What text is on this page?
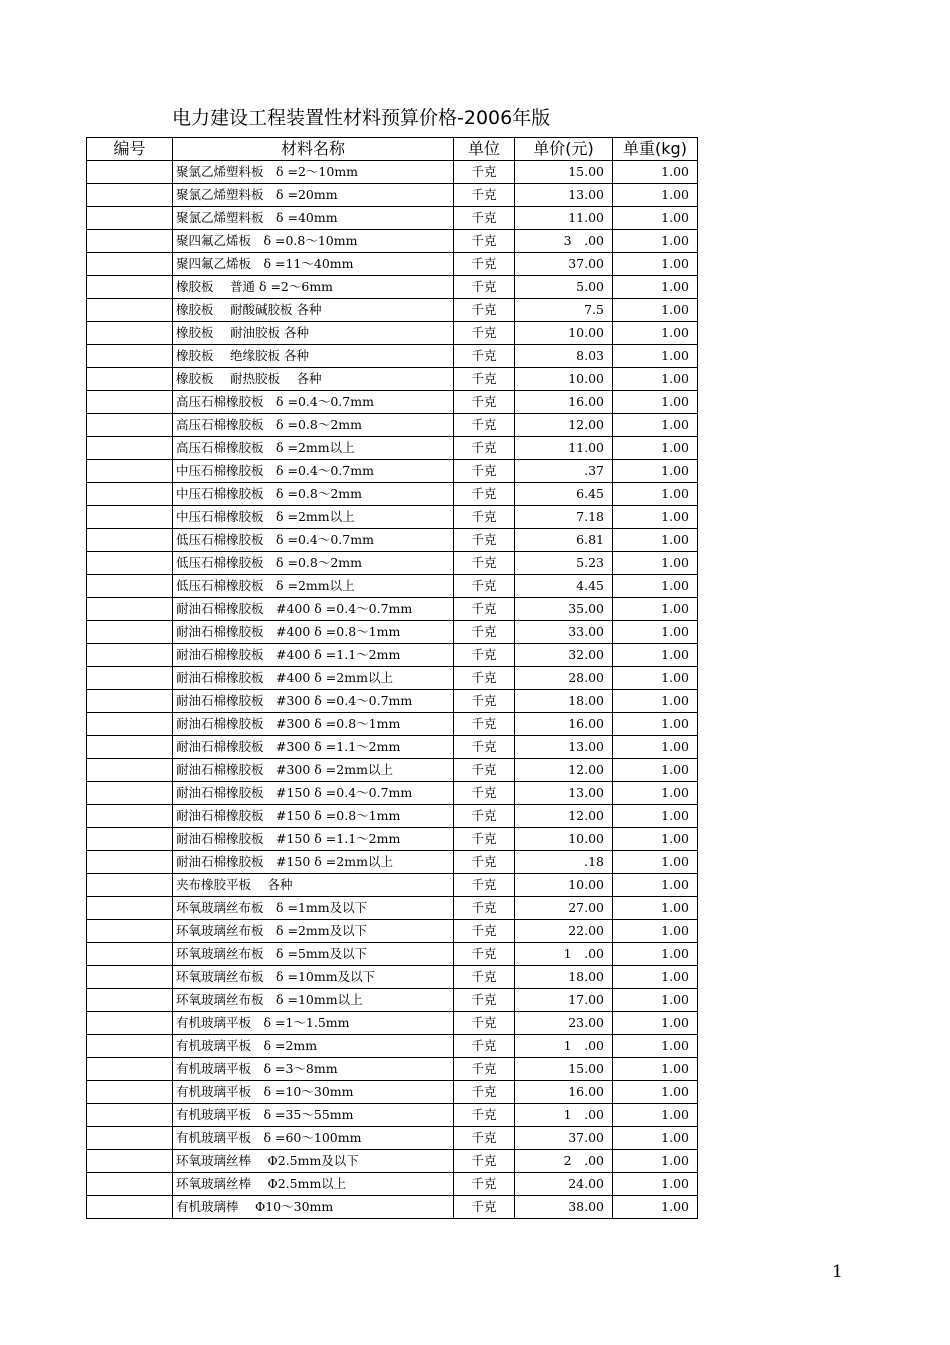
电力建设工程装置性材料预算价格-2006年版
编号	材料名称	单位	单价(元)	单重(kg)
	聚氯乙烯塑料板　δ =2～10mm	千克	15.00	1.00
	聚氯乙烯塑料板　δ =20mm	千克	13.00	1.00
	聚氯乙烯塑料板　δ =40mm	千克	11.00	1.00
	聚四氟乙烯板　δ =0.8～10mm	千克	3　.00	1.00
	聚四氟乙烯板　δ =11～40mm	千克	37.00	1.00
	橡胶板　 普通 δ =2～6mm	千克	5.00	1.00
	橡胶板　 耐酸碱胶板 各种	千克	7.5	1.00
	橡胶板　 耐油胶板 各种	千克	10.00	1.00
	橡胶板　 绝缘胶板 各种	千克	8.03	1.00
	橡胶板　 耐热胶板　 各种	千克	10.00	1.00
	高压石棉橡胶板　δ =0.4～0.7mm	千克	16.00	1.00
	高压石棉橡胶板　δ =0.8～2mm	千克	12.00	1.00
	高压石棉橡胶板　δ =2mm以上	千克	11.00	1.00
	中压石棉橡胶板　δ =0.4～0.7mm	千克	.37	1.00
	中压石棉橡胶板　δ =0.8～2mm	千克	6.45	1.00
	中压石棉橡胶板　δ =2mm以上	千克	7.18	1.00
	低压石棉橡胶板　δ =0.4～0.7mm	千克	6.81	1.00
	低压石棉橡胶板　δ =0.8～2mm	千克	5.23	1.00
	低压石棉橡胶板　δ =2mm以上	千克	4.45	1.00
	耐油石棉橡胶板　#400 δ =0.4～0.7mm	千克	35.00	1.00
	耐油石棉橡胶板　#400 δ =0.8～1mm	千克	33.00	1.00
	耐油石棉橡胶板　#400 δ =1.1～2mm	千克	32.00	1.00
	耐油石棉橡胶板　#400 δ =2mm以上	千克	28.00	1.00
	耐油石棉橡胶板　#300 δ =0.4～0.7mm	千克	18.00	1.00
	耐油石棉橡胶板　#300 δ =0.8～1mm	千克	16.00	1.00
	耐油石棉橡胶板　#300 δ =1.1～2mm	千克	13.00	1.00
	耐油石棉橡胶板　#300 δ =2mm以上	千克	12.00	1.00
	耐油石棉橡胶板　#150 δ =0.4～0.7mm	千克	13.00	1.00
	耐油石棉橡胶板　#150 δ =0.8～1mm	千克	12.00	1.00
	耐油石棉橡胶板　#150 δ =1.1～2mm	千克	10.00	1.00
	耐油石棉橡胶板　#150 δ =2mm以上	千克	.18	1.00
	夹布橡胶平板　 各种	千克	10.00	1.00
	环氧玻璃丝布板　δ =1mm及以下	千克	27.00	1.00
	环氧玻璃丝布板　δ =2mm及以下	千克	22.00	1.00
	环氧玻璃丝布板　δ =5mm及以下	千克	1　.00	1.00
	环氧玻璃丝布板　δ =10mm及以下	千克	18.00	1.00
	环氧玻璃丝布板　δ =10mm以上	千克	17.00	1.00
	有机玻璃平板　δ =1～1.5mm	千克	23.00	1.00
	有机玻璃平板　δ =2mm	千克	1　.00	1.00
	有机玻璃平板　δ =3～8mm	千克	15.00	1.00
	有机玻璃平板　δ =10～30mm	千克	16.00	1.00
	有机玻璃平板　δ =35～55mm	千克	1　.00	1.00
	有机玻璃平板　δ =60～100mm	千克	37.00	1.00
	环氧玻璃丝棒　 Φ2.5mm及以下	千克	2　.00	1.00
	环氧玻璃丝棒　 Φ2.5mm以上	千克	24.00	1.00
	有机玻璃棒　 Φ10～30mm	千克	38.00	1.00
1
